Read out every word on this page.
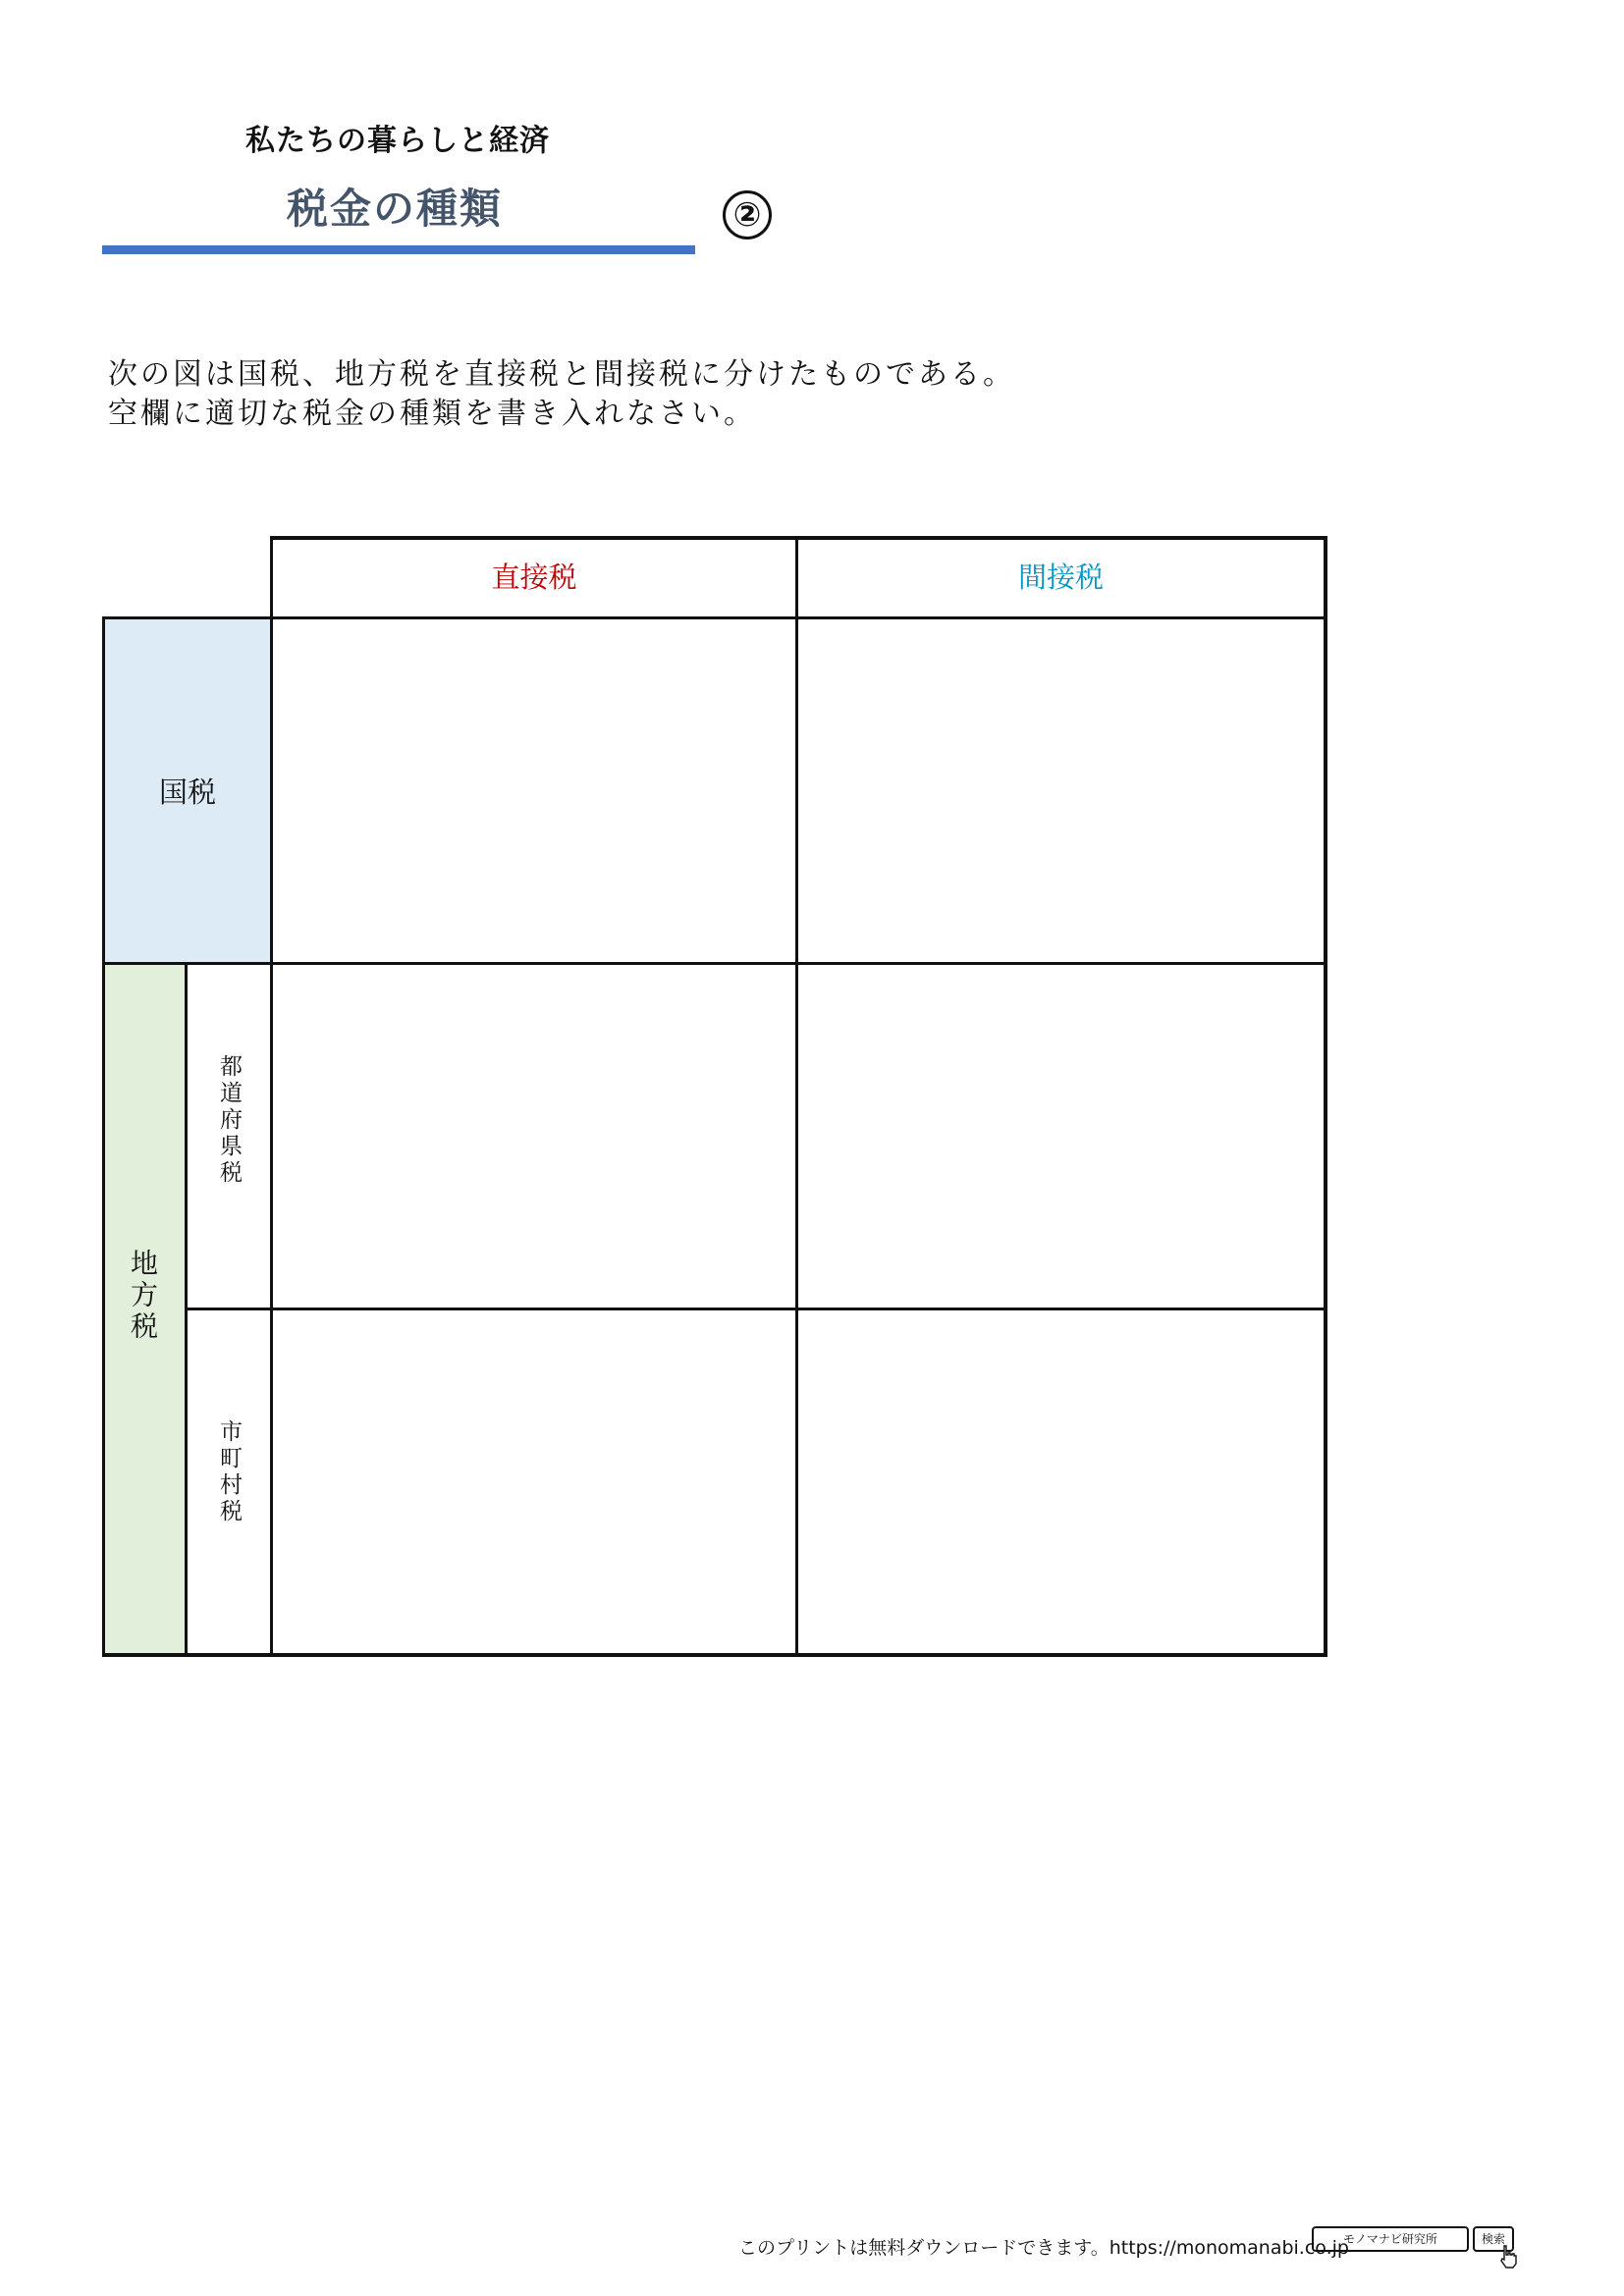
私たちの暮らしと経済
税金の種類	②
次の図は国税、地方税を直接税と間接税に分けたものである。
空欄に適切な税金の種類を書き入れなさい。
直接税	間接税
国税
地方税
都道府県税
市町村税
このプリントは無料ダウンロードできます。https://monomanabi.co.jp
モノマナビ研究所	検索
